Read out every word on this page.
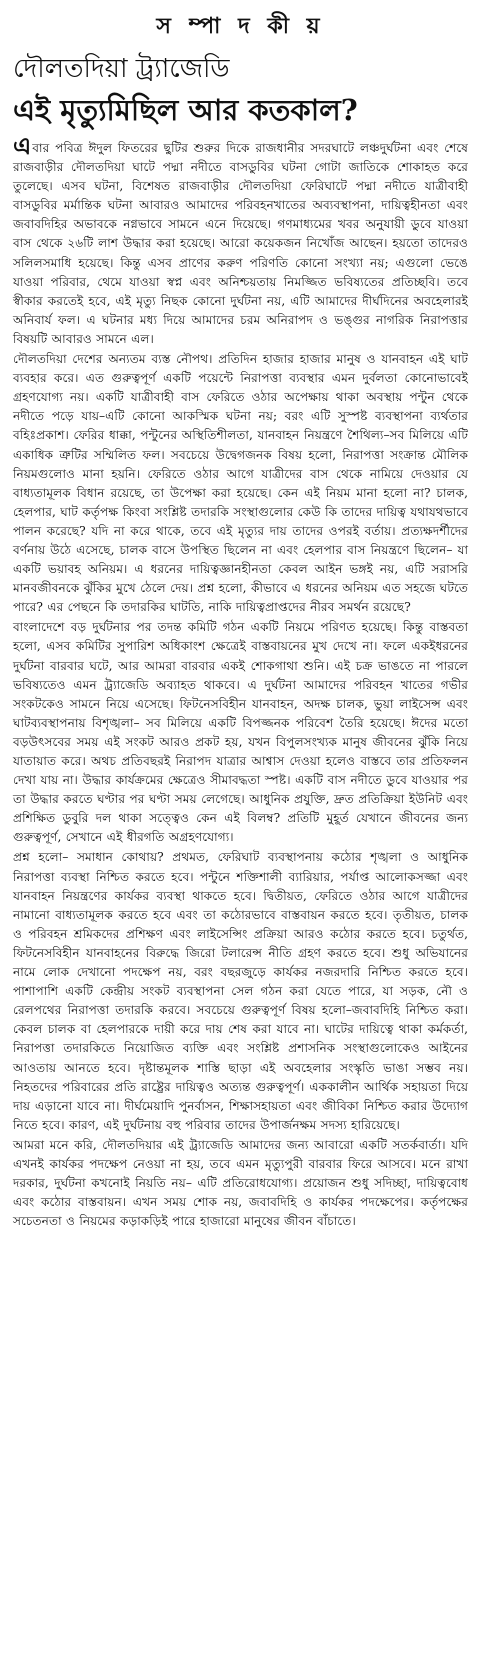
স ম্পা দ কী য়
দৌলতদিয়া ট্র্যাজেডি
এই মৃত্যুমিছিল আর কতকাল?

এবার পবিত্র ঈদুল ফিতরের ছুটির শুরুর দিকে রাজধানীর সদরঘাটে লঞ্চদুর্ঘটনা এবং শেষে রাজবাড়ীর দৌলতদিয়া ঘাটে পদ্মা নদীতে বাসডুবির ঘটনা গোটা জাতিকে শোকাহত করে তুলেছে। এসব ঘটনা, বিশেষত রাজবাড়ীর দৌলতদিয়া ফেরিঘাটে পদ্মা নদীতে যাত্রীবাহী বাসডুবির মর্মান্তিক ঘটনা আবারও আমাদের পরিবহনখাতের অব্যবস্থাপনা, দায়িত্বহীনতা এবং জবাবদিহির অভাবকে নগ্নভাবে সামনে এনে দিয়েছে। গণমাধ্যমের খবর অনুযায়ী ডুবে যাওয়া বাস থেকে ২৬টি লাশ উদ্ধার করা হয়েছে। আরো কয়েকজন নিখোঁজ আছেন। হয়তো তাদেরও সলিলসমাধি হয়েছে। কিন্তু এসব প্রাণের করুণ পরিণতি কোনো সংখ্যা নয়; এগুলো ভেঙে যাওয়া পরিবার, থেমে যাওয়া স্বপ্ন এবং অনিশ্চয়তায় নিমজ্জিত ভবিষ্যতের প্রতিচ্ছবি। তবে স্বীকার করতেই হবে, এই মৃত্যু নিছক কোনো দুর্ঘটনা নয়, এটি আমাদের দীর্ঘদিনের অবহেলারই অনিবার্য ফল। এ ঘটনার মধ্য দিয়ে আমাদের চরম অনিরাপদ ও ভঙ্গুর নাগরিক নিরাপত্তার বিষয়টি আবারও সামনে এল।

দৌলতদিয়া দেশের অন্যতম ব্যস্ত নৌপথ। প্রতিদিন হাজার হাজার মানুষ ও যানবাহন এই ঘাট ব্যবহার করে। এত গুরুত্বপূর্ণ একটি পয়েন্টে নিরাপত্তা ব্যবস্থার এমন দুর্বলতা কোনোভাবেই গ্রহণযোগ্য নয়। একটি যাত্রীবাহী বাস ফেরিতে ওঠার অপেক্ষায় থাকা অবস্থায় পন্টুন থেকে নদীতে পড়ে যায়–এটি কোনো আকস্মিক ঘটনা নয়; বরং এটি সুস্পষ্ট ব্যবস্থাপনা ব্যর্থতার বহিঃপ্রকাশ। ফেরির ধাক্কা, পন্টুনের অস্থিতিশীলতা, যানবাহন নিয়ন্ত্রণে শৈথিল্য–সব মিলিয়ে এটি একাধিক ত্রুটির সম্মিলিত ফল। সবচেয়ে উদ্বেগজনক বিষয় হলো, নিরাপত্তা সংক্রান্ত মৌলিক নিয়মগুলোও মানা হয়নি। ফেরিতে ওঠার আগে যাত্রীদের বাস থেকে নামিয়ে দেওয়ার যে বাধ্যতামূলক বিধান রয়েছে, তা উপেক্ষা করা হয়েছে। কেন এই নিয়ম মানা হলো না? চালক, হেলপার, ঘাট কর্তৃপক্ষ কিংবা সংশ্লিষ্ট তদারকি সংস্থাগুলোর কেউ কি তাদের দায়িত্ব যথাযথভাবে পালন করেছে? যদি না করে থাকে, তবে এই মৃত্যুর দায় তাদের ওপরই বর্তায়। প্রত্যক্ষদর্শীদের বর্ণনায় উঠে এসেছে, চালক বাসে উপস্থিত ছিলেন না এবং হেলপার বাস নিয়ন্ত্রণে ছিলেন– যা একটি ভয়াবহ অনিয়ম। এ ধরনের দায়িত্বজ্ঞানহীনতা কেবল আইন ভঙ্গই নয়, এটি সরাসরি মানবজীবনকে ঝুঁকির মুখে ঠেলে দেয়। প্রশ্ন হলো, কীভাবে এ ধরনের অনিয়ম এত সহজে ঘটতে পারে? এর পেছনে কি তদারকির ঘাটতি, নাকি দায়িত্বপ্রাপ্তদের নীরব সমর্থন রয়েছে?

বাংলাদেশে বড় দুর্ঘটনার পর তদন্ত কমিটি গঠন একটি নিয়মে পরিণত হয়েছে। কিন্তু বাস্তবতা হলো, এসব কমিটির সুপারিশ অধিকাংশ ক্ষেত্রেই বাস্তবায়নের মুখ দেখে না। ফলে একইধরনের দুর্ঘটনা বারবার ঘটে, আর আমরা বারবার একই শোকগাথা শুনি। এই চক্র ভাঙতে না পারলে ভবিষ্যতেও এমন ট্র্যাজেডি অব্যাহত থাকবে। এ দুর্ঘটনা আমাদের পরিবহন খাতের গভীর সংকটকেও সামনে নিয়ে এসেছে। ফিটনেসবিহীন যানবাহন, অদক্ষ চালক, ভুয়া লাইসেন্স এবং ঘাটব্যবস্থাপনায় বিশৃঙ্খলা– সব মিলিয়ে একটি বিপজ্জনক পরিবেশ তৈরি হয়েছে। ঈদের মতো বড়উৎসবের সময় এই সংকট আরও প্রকট হয়, যখন বিপুলসংখ্যক মানুষ জীবনের ঝুঁকি নিয়ে যাতায়াত করে। অথচ প্রতিবছরই নিরাপদ যাত্রার আশ্বাস দেওয়া হলেও বাস্তবে তার প্রতিফলন দেখা যায় না। উদ্ধার কার্যক্রমের ক্ষেত্রেও সীমাবদ্ধতা স্পষ্ট। একটি বাস নদীতে ডুবে যাওয়ার পর তা উদ্ধার করতে ঘণ্টার পর ঘণ্টা সময় লেগেছে। আধুনিক প্রযুক্তি, দ্রুত প্রতিক্রিয়া ইউনিট এবং প্রশিক্ষিত ডুবুরি দল থাকা সত্ত্বেও কেন এই বিলম্ব? প্রতিটি মুহূর্ত যেখানে জীবনের জন্য গুরুত্বপূর্ণ, সেখানে এই ধীরগতি অগ্রহণযোগ্য।

প্রশ্ন হলো– সমাধান কোথায়? প্রথমত, ফেরিঘাট ব্যবস্থাপনায় কঠোর শৃঙ্খলা ও আধুনিক নিরাপত্তা ব্যবস্থা নিশ্চিত করতে হবে। পন্টুনে শক্তিশালী ব্যারিয়ার, পর্যাপ্ত আলোকসজ্জা এবং যানবাহন নিয়ন্ত্রণের কার্যকর ব্যবস্থা থাকতে হবে। দ্বিতীয়ত, ফেরিতে ওঠার আগে যাত্রীদের নামানো বাধ্যতামূলক করতে হবে এবং তা কঠোরভাবে বাস্তবায়ন করতে হবে। তৃতীয়ত, চালক ও পরিবহন শ্রমিকদের প্রশিক্ষণ এবং লাইসেন্সিং প্রক্রিয়া আরও কঠোর করতে হবে। চতুর্থত, ফিটনেসবিহীন যানবাহনের বিরুদ্ধে জিরো টলারেন্স নীতি গ্রহণ করতে হবে। শুধু অভিযানের নামে লোক দেখানো পদক্ষেপ নয়, বরং বছরজুড়ে কার্যকর নজরদারি নিশ্চিত করতে হবে। পাশাপাশি একটি কেন্দ্রীয় সংকট ব্যবস্থাপনা সেল গঠন করা যেতে পারে, যা সড়ক, নৌ ও রেলপথের নিরাপত্তা তদারকি করবে। সবচেয়ে গুরুত্বপূর্ণ বিষয় হলো–জবাবদিহি নিশ্চিত করা। কেবল চালক বা হেলপারকে দায়ী করে দায় শেষ করা যাবে না। ঘাটের দায়িত্বে থাকা কর্মকর্তা, নিরাপত্তা তদারকিতে নিয়োজিত ব্যক্তি এবং সংশ্লিষ্ট প্রশাসনিক সংস্থাগুলোকেও আইনের আওতায় আনতে হবে। দৃষ্টান্তমূলক শাস্তি ছাড়া এই অবহেলার সংস্কৃতি ভাঙা সম্ভব নয়। নিহতদের পরিবারের প্রতি রাষ্ট্রের দায়িত্বও অত্যন্ত গুরুত্বপূর্ণ। এককালীন আর্থিক সহায়তা দিয়ে দায় এড়ানো যাবে না। দীর্ঘমেয়াদি পুনর্বাসন, শিক্ষাসহায়তা এবং জীবিকা নিশ্চিত করার উদ্যোগ নিতে হবে। কারণ, এই দুর্ঘটনায় বহু পরিবার তাদের উপার্জনক্ষম সদস্য হারিয়েছে।

আমরা মনে করি, দৌলতদিয়ার এই ট্র্যাজেডি আমাদের জন্য আবারো একটি সতর্কবার্তা। যদি এখনই কার্যকর পদক্ষেপ নেওয়া না হয়, তবে এমন মৃত্যুপুরী বারবার ফিরে আসবে। মনে রাখা দরকার, দুর্ঘটনা কখনোই নিয়তি নয়– এটি প্রতিরোধযোগ্য। প্রয়োজন শুধু সদিচ্ছা, দায়িত্ববোধ এবং কঠোর বাস্তবায়ন। এখন সময় শোক নয়, জবাবদিহি ও কার্যকর পদক্ষেপের। কর্তৃপক্ষের সচেতনতা ও নিয়মের কড়াকড়িই পারে হাজারো মানুষের জীবন বাঁচাতে।
